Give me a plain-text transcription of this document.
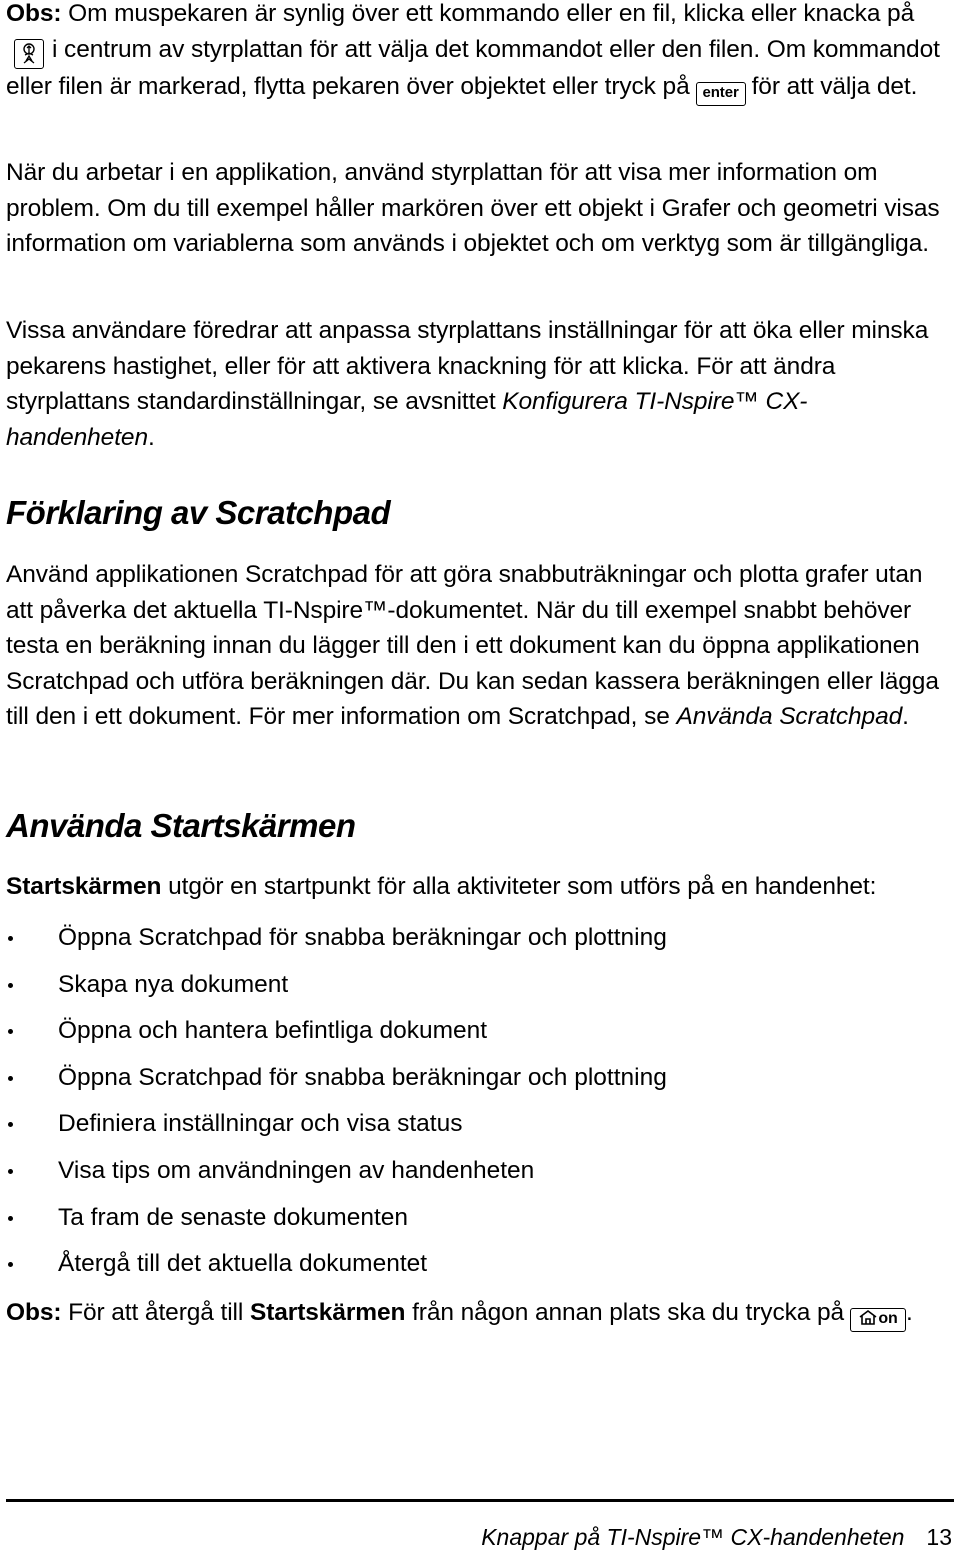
Obs: Om muspekaren är synlig över ett kommando eller en fil, klicka eller knacka påi centrum av styrplattan för att välja det kommandot eller den filen. Om kommandot eller filen är markerad, flytta pekaren över objektet eller tryck på enter för att välja det.

När du arbetar i en applikation, använd styrplattan för att visa mer information om problem. Om du till exempel håller markören över ett objekt i Grafer och geometri visas information om variablerna som används i objektet och om verktyg som är tillgängliga.

Vissa användare föredrar att anpassa styrplattans inställningar för att öka eller minska pekarens hastighet, eller för att aktivera knackning för att klicka. För att ändra styrplattans standardinställningar, se avsnittet Konfigurera TI-Nspire™ CX-handenheten.

Förklaring av Scratchpad

Använd applikationen Scratchpad för att göra snabbuträkningar och plotta grafer utan att påverka det aktuella TI-Nspire™-dokumentet. När du till exempel snabbt behöver testa en beräkning innan du lägger till den i ett dokument kan du öppna applikationen Scratchpad och utföra beräkningen där. Du kan sedan kassera beräkningen eller lägga till den i ett dokument. För mer information om Scratchpad, se Använda Scratchpad.

Använda Startskärmen

Startskärmen utgör en startpunkt för alla aktiviteter som utförs på en handenhet:

Öppna Scratchpad för snabba beräkningar och plottning
Skapa nya dokument
Öppna och hantera befintliga dokument
Öppna Scratchpad för snabba beräkningar och plottning
Definiera inställningar och visa status
Visa tips om användningen av handenheten
Ta fram de senaste dokumenten
Återgå till det aktuella dokumentet

Obs: För att återgå till Startskärmen från någon annan plats ska du trycka på on .

Knappar på TI-Nspire™ CX-handenheten 13
